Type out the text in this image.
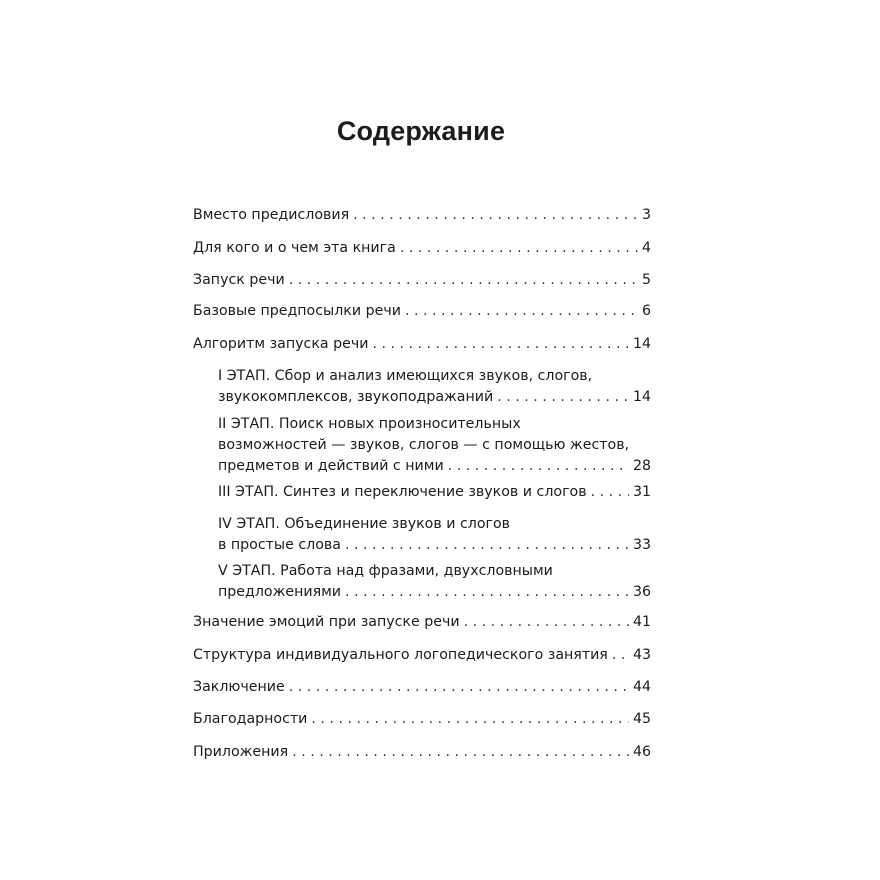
Содержание
Вместо предисловия . . .	3
Для кого и о чем эта книга . . .	4
Запуск речи . . .	5
Базовые предпосылки речи . . .	6
Алгоритм запуска речи . . .	14
I ЭТАП. Сбор и анализ имеющихся звуков, слогов,
звукокомплексов, звукоподражаний . . .	14
II ЭТАП. Поиск новых произносительных
возможностей — звуков, слогов — с помощью жестов,
предметов и действий с ними . . .	28
III ЭТАП. Синтез и переключение звуков и слогов . . .	31
IV ЭТАП. Объединение звуков и слогов
в простые слова . . .	33
V ЭТАП. Работа над фразами, двухсловными
предложениями . . .	36
Значение эмоций при запуске речи . . .	41
Структура индивидуального логопедического занятия . . . 43
Заключение . . .	44
Благодарности . . .	45
Приложения . . .	46
